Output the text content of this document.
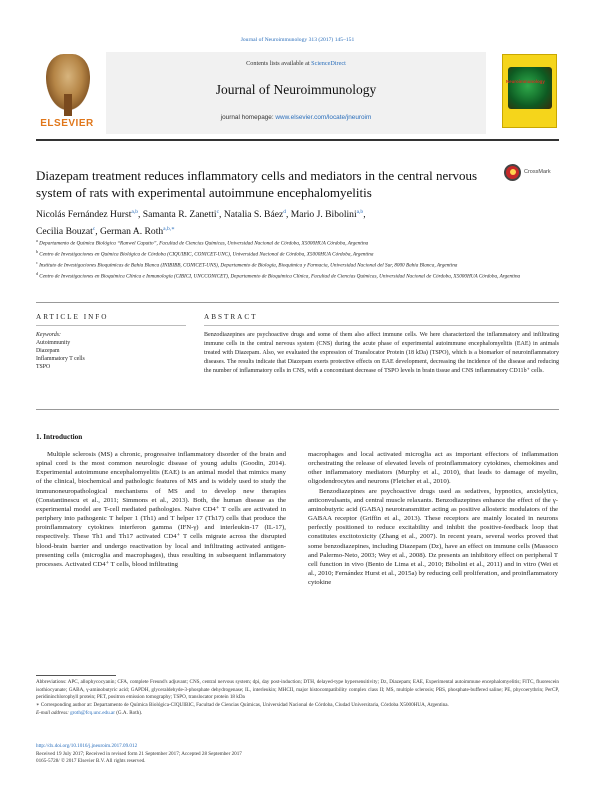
Journal of Neuroimmunology 313 (2017) 145–151
ELSEVIER
Contents lists available at ScienceDirect
Journal of Neuroimmunology
journal homepage: www.elsevier.com/locate/jneuroim
Neuroimmunology
Diazepam treatment reduces inflammatory cells and mediators in the central nervous system of rats with experimental autoimmune encephalomyelitis
CrossMark
Nicolás Fernández Hurst$^{a,b}$, Samanta R. Zanetti$^c$, Natalia S. Báez$^d$, Mario J. Bibolini$^{a,b}$,
Cecilia Bouzat$^c$, German A. Roth$^{a,b,∗}$

$^a$ Departamento de Química Biológica “Ranwel Caputto”, Facultad de Ciencias Químicas, Universidad Nacional de Córdoba, X5000HUA Córdoba, Argentina

$^b$ Centro de Investigaciones en Química Biológica de Córdoba (CIQUIBIC, CONICET-UNC), Universidad Nacional de Córdoba, X5000HUA Córdoba, Argentina

$^c$ Instituto de Investigaciones Bioquímicas de Bahía Blanca (INIBIBB, CONICET-UNS), Departamento de Biología, Bioquímica y Farmacia, Universidad Nacional del Sur, 8000 Bahía Blanca, Argentina

$^d$ Centro de Investigaciones en Bioquímica Clínica e Inmunología (CIBICI, UNCCONICET), Departamento de Bioquímica Clínica, Facultad de Ciencias Químicas, Universidad Nacional de Córdoba, X5000HUA Córdoba, Argentina

ARTICLE INFO	ABSTRACT
Keywords:
Autoimmunity
Diazepam
Inflammatory T cells
TSPO
Benzodiazepines are psychoactive drugs and some of them also affect immune cells. We here characterized the inflammatory and infiltrating immune cells in the central nervous system (CNS) during the acute phase of experimental autoimmune encephalomyelitis (EAE) in animals treated with Diazepam. Also, we evaluated the expression of Translocator Protein (18 kDa) (TSPO), which is a biomarker of neuroinflammatory diseases. The results indicate that Diazepam exerts protective effects on EAE development, decreasing the incidence of the disease and reducing the number of inflammatory cells in CNS, with a concomitant decrease of TSPO levels in brain tissue and CNS inflammatory CD11b⁺ cells.
1. Introduction

Multiple sclerosis (MS) a chronic, progressive inflammatory disorder of the brain and spinal cord is the most common neurologic disease of young adults (Goodin, 2014). Experimental autoimmune encephalomyelitis (EAE) is an animal model that mimics many of the clinical, biochemical and pathologic features of MS and is widely used to study the immunoneuropathological mechanisms of MS and to develop new therapies (Constantinescu et al., 2011; Simmons et al., 2013). Both, the human disease as the experimental model are T-cell mediated pathologies. Naive CD4⁺ T cells are activated in periphery into pathogenic T helper 1 (Th1) and T helper 17 (Th17) cells that produce the proinflammatory cytokines interferon gamma (IFN-γ) and interleukin-17 (IL-17), respectively. These Th1 and Th17 activated CD4⁺ T cells migrate across the disrupted blood-brain barrier and undergo reactivation by local and infiltrating activated antigen-presenting cells (microglia and macrophages), thus resulting in subsequent inflammatory processes. Activated CD4⁺ T cells, blood infiltrating

macrophages and local activated microglia act as important effectors of inflammation orchestrating the release of elevated levels of proinflammatory cytokines, chemokines and other inflammatory mediators (Murphy et al., 2010), that leads to damage of myelin, oligodendrocytes and neurons (Fletcher et al., 2010).

Benzodiazepines are psychoactive drugs used as sedatives, hypnotics, anxiolytics, anticonvulsants, and central muscle relaxants. Benzodiazepines enhance the effect of the γ-aminobutyric acid (GABA) neurotransmitter acting as positive allosteric modulators of the GABAA receptor (Griffin et al., 2013). These receptors are mainly located in neurons perfectly positioned to reduce excitability and inhibit the positive-feedback loop that constitutes excitotoxicity (Zhang et al., 2007). In recent years, several works proved that some benzodiazepines, including Diazepam (Dz), have an effect on immune cells (Massoco and Palermo-Neto, 2003; Wey et al., 2008). Dz presents an inhibitory effect on peripheral T cell function in vivo (Bento de Lima et al., 2010; Bibolini et al., 2011) and in vitro (Wei et al., 2010; Fernández Hurst et al., 2015a) by reducing cell proliferation, and proinflammatory cytokine

Abbreviations: APC, allophycocyanin; CFA, complete Freund's adjuvant; CNS, central nervous system; dpi, day post-induction; DTH, delayed-type hypersensitivity; Dz, Diazepam; EAE, Experimental autoimmune encephalomyelitis; FITC, fluorescein isothiocyanate; GABA, γ-aminobutyric acid; GAPDH, glyceraldehyde-3-phosphate dehydrogenase; IL, interleukin; MHCII, major histocompatibility complex class II; MS, multiple sclerosis; PBS, phosphate-buffered saline; PE, phycoerythrin; PerCP, peridininchlorophyll protein; PET, positron emission tomography; TSPO, translocator protein 18 kDa

∗ Corresponding author at: Departamento de Química Biológica-CIQUIBIC, Facultad de Ciencias Químicas, Universidad Nacional de Córdoba, Ciudad Universitaria, Córdoba X5000HUA, Argentina.

E-mail address: groth@fcq.unc.edu.ar (G.A. Roth).

http://dx.doi.org/10.1016/j.jneuroim.2017.09.012
Received 19 July 2017; Received in revised form 21 September 2017; Accepted 28 September 2017
0165-5728/ © 2017 Elsevier B.V. All rights reserved.
